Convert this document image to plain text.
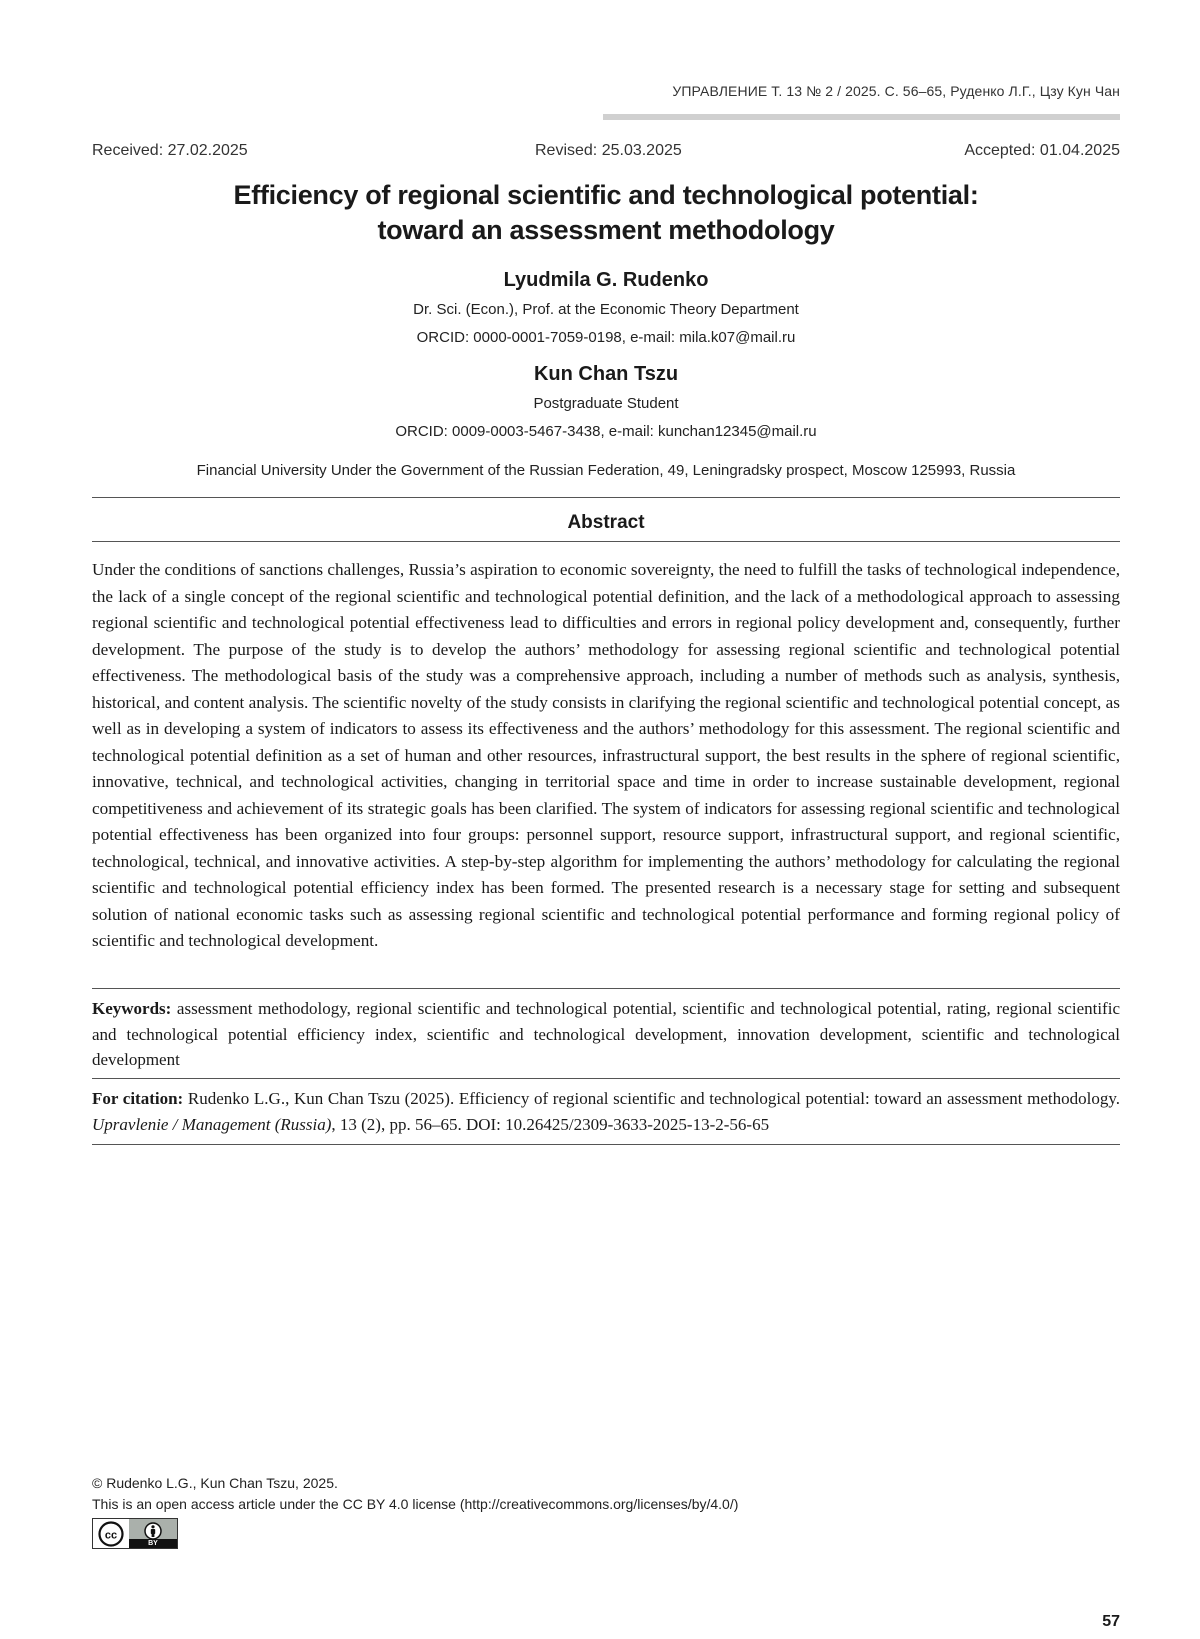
УПРАВЛЕНИЕ Т. 13 № 2 / 2025. С. 56–65, Руденко Л.Г., Цзу Кун Чан
Received: 27.02.2025	Revised: 25.03.2025	Accepted: 01.04.2025
Efficiency of regional scientific and technological potential:
toward an assessment methodology
Lyudmila G. Rudenko
Dr. Sci. (Econ.), Prof. at the Economic Theory Department
ORCID: 0000-0001-7059-0198, e-mail: mila.k07@mail.ru
Kun Chan Tszu
Postgraduate Student
ORCID: 0009-0003-5467-3438, e-mail: kunchan12345@mail.ru
Financial University Under the Government of the Russian Federation, 49, Leningradsky prospect, Moscow 125993, Russia
Abstract

Under the conditions of sanctions challenges, Russia’s aspiration to economic sovereignty, the need to fulfill the tasks of technological independence, the lack of a single concept of the regional scientific and technological potential definition, and the lack of a methodological approach to assessing regional scientific and technological potential effectiveness lead to difficulties and errors in regional policy development and, consequently, further development. The purpose of the study is to develop the authors’ methodology for assessing regional scientific and technological potential effectiveness. The methodological basis of the study was a comprehensive approach, including a number of methods such as analysis, synthesis, historical, and content analysis. The scientific novelty of the study consists in clarifying the regional scientific and technological potential concept, as well as in developing a system of indicators to assess its effectiveness and the authors’ methodology for this assessment. The regional scientific and technological potential definition as a set of human and other resources, infrastructural support, the best results in the sphere of regional scientific, innovative, technical, and technological activities, changing in territorial space and time in order to increase sustainable development, regional competitiveness and achievement of its strategic goals has been clarified. The system of indicators for assessing regional scientific and technological potential effectiveness has been organized into four groups: personnel support, resource support, infrastructural support, and regional scientific, technological, technical, and innovative activities. A step-by-step algorithm for implementing the authors’ methodology for calculating the regional scientific and technological potential efficiency index has been formed. The presented research is a necessary stage for setting and subsequent solution of national economic tasks such as assessing regional scientific and technological potential performance and forming regional policy of scientific and technological development.

Keywords: assessment methodology, regional scientific and technological potential, scientific and technological potential, rating, regional scientific and technological potential efficiency index, scientific and technological development, innovation development, scientific and technological development

For citation: Rudenko L.G., Kun Chan Tszu (2025). Efficiency of regional scientific and technological potential: toward an assessment methodology. Upravlenie / Management (Russia), 13 (2), pp. 56–65. DOI: 10.26425/2309-3633-2025-13-2-56-65

© Rudenko L.G., Kun Chan Tszu, 2025.
This is an open access article under the CC BY 4.0 license (http://creativecommons.org/licenses/by/4.0/)
cc
BY
57
